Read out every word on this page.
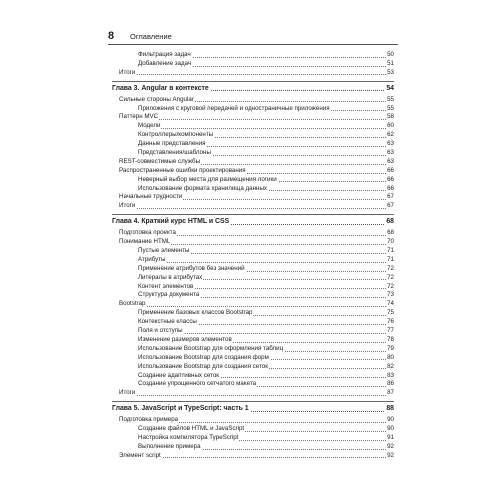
8 Оглавление
Фильтрация задач	50
Добавление задач	51
Итоги	53
Глава 3. Angular в контексте	54
Сильные стороны Angular	55
Приложения с круговой передачей и одностраничные приложения	55
Паттерн MVC	58
Модели	60
Контроллеры/компоненты	62
Данные представления	63
Представления/шаблоны	63
REST-совместимые службы	63
Распространенные ошибки проектирования	66
Неверный выбор места для размещения логики	66
Использование формата хранилища данных	66
Начальные трудности	67
Итоги	67
Глава 4. Краткий курс HTML и CSS	68
Подготовка проекта	68
Понимание HTML	70
Пустые элементы	71
Атрибуты	71
Применение атрибутов без значений	72
Литералы в атрибутах	72
Контент элементов	72
Структура документа	73
Bootstrap	74
Применение базовых классов Bootstrap	75
Контекстные классы	76
Поля и отступы	77
Изменение размеров элементов	78
Использование Bootstrap для оформления таблиц	79
Использование Bootstrap для создания форм	80
Использование Bootstrap для создания сеток	82
Создание адаптивных сеток	83
Создание упрощенного сетчатого макета	86
Итоги	87
Глава 5. JavaScript и TypeScript: часть 1	88
Подготовка примера	90
Создание файлов HTML и JavaScript	90
Настройка компилятора TypeScript	91
Выполнение примера	92
Элемент script	92
